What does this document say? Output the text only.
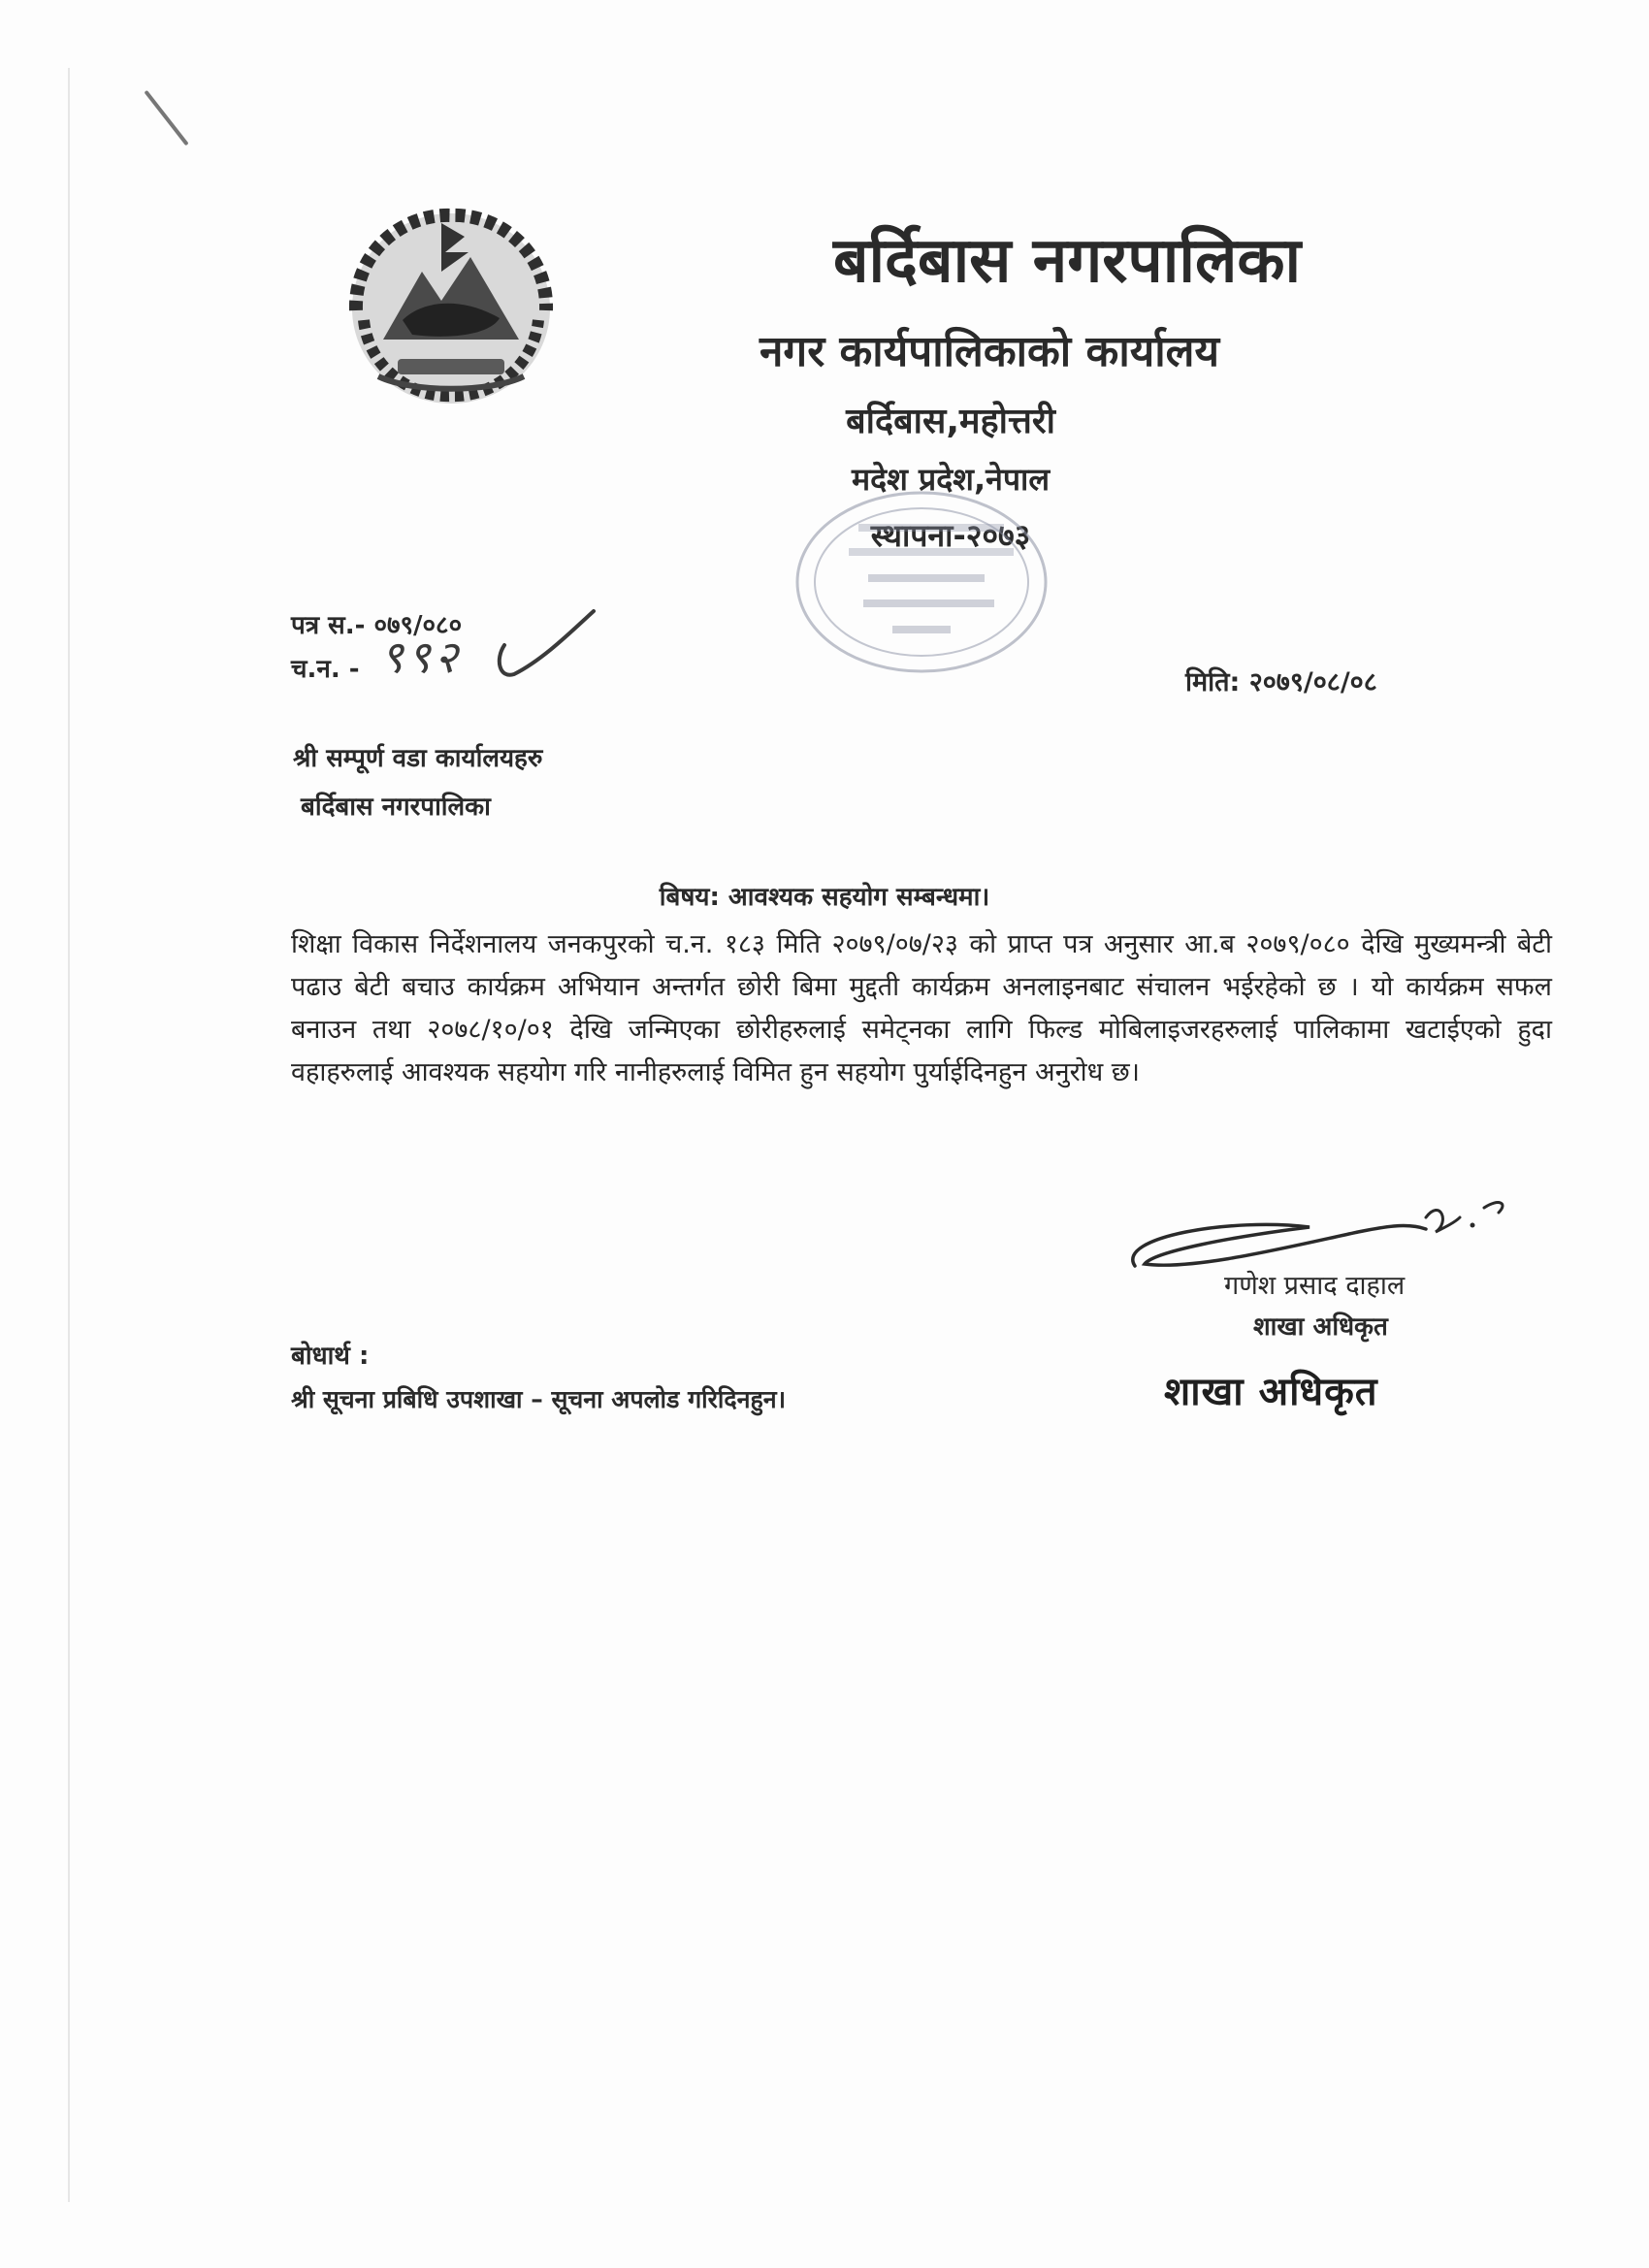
बर्दिबास नगरपालिका
नगर कार्यपालिकाको कार्यालय
बर्दिबास,महोत्तरी
मदेश प्रदेश,नेपाल
स्थापना-२०७३
पत्र स.- ०७९/०८०
च.न. - ९९२	मिति: २०७९/०८/०८
श्री सम्पूर्ण वडा कार्यालयहरु
बर्दिबास नगरपालिका
बिषय: आवश्यक सहयोग सम्बन्धमा।
शिक्षा विकास निर्देशनालय जनकपुरको च.न. १८३ मिति २०७९/०७/२३ को प्राप्त पत्र अनुसार आ.ब २०७९/०८० देखि मुख्यमन्त्री बेटी पढाउ बेटी बचाउ कार्यक्रम अभियान अन्तर्गत छोरी बिमा मुद्दती कार्यक्रम अनलाइनबाट संचालन भईरहेको छ । यो कार्यक्रम सफल बनाउन तथा २०७८/१०/०१ देखि जन्मिएका छोरीहरुलाई समेट्नका लागि फिल्ड मोबिलाइजरहरुलाई पालिकामा खटाईएको हुदा वहाहरुलाई आवश्यक सहयोग गरि नानीहरुलाई विमित हुन सहयोग पुर्याईदिनहुन अनुरोध छ।
गणेश प्रसाद दाहाल
शाखा अधिकृत
शाखा अधिकृत
बोधार्थ :
श्री सूचना प्रबिधि उपशाखा – सूचना अपलोड गरिदिनहुन।
